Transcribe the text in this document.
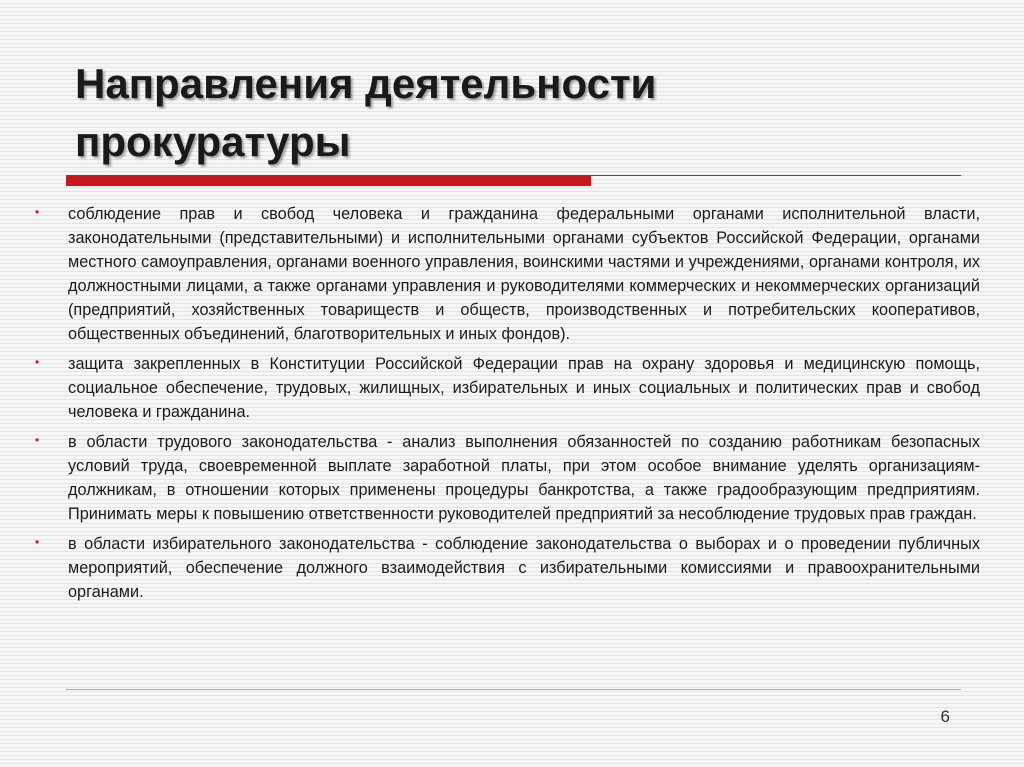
Направления деятельности прокуратуры
• соблюдение прав и свобод человека и гражданина федеральными органами исполнительной власти, законодательными (представительными) и исполнительными органами субъектов Российской Федерации, органами местного самоуправления, органами военного управления, воинскими частями и учреждениями, органами контроля, их должностными лицами, а также органами управления и руководителями коммерческих и некоммерческих организаций (предприятий, хозяйственных товариществ и обществ, производственных и потребительских кооперативов, общественных объединений, благотворительных и иных фондов).
• защита закрепленных в Конституции Российской Федерации прав на охрану здоровья и медицинскую помощь, социальное обеспечение, трудовых, жилищных, избирательных и иных социальных и политических прав и свобод человека и гражданина.
• в области трудового законодательства - анализ выполнения обязанностей по созданию работникам безопасных условий труда, своевременной выплате заработной платы, при этом особое внимание уделять организациям-должникам, в отношении которых применены процедуры банкротства, а также градообразующим предприятиям. Принимать меры к повышению ответственности руководителей предприятий за несоблюдение трудовых прав граждан.
• в области избирательного законодательства - соблюдение законодательства о выборах и о проведении публичных мероприятий, обеспечение должного взаимодействия с избирательными комиссиями и правоохранительными органами.
6
